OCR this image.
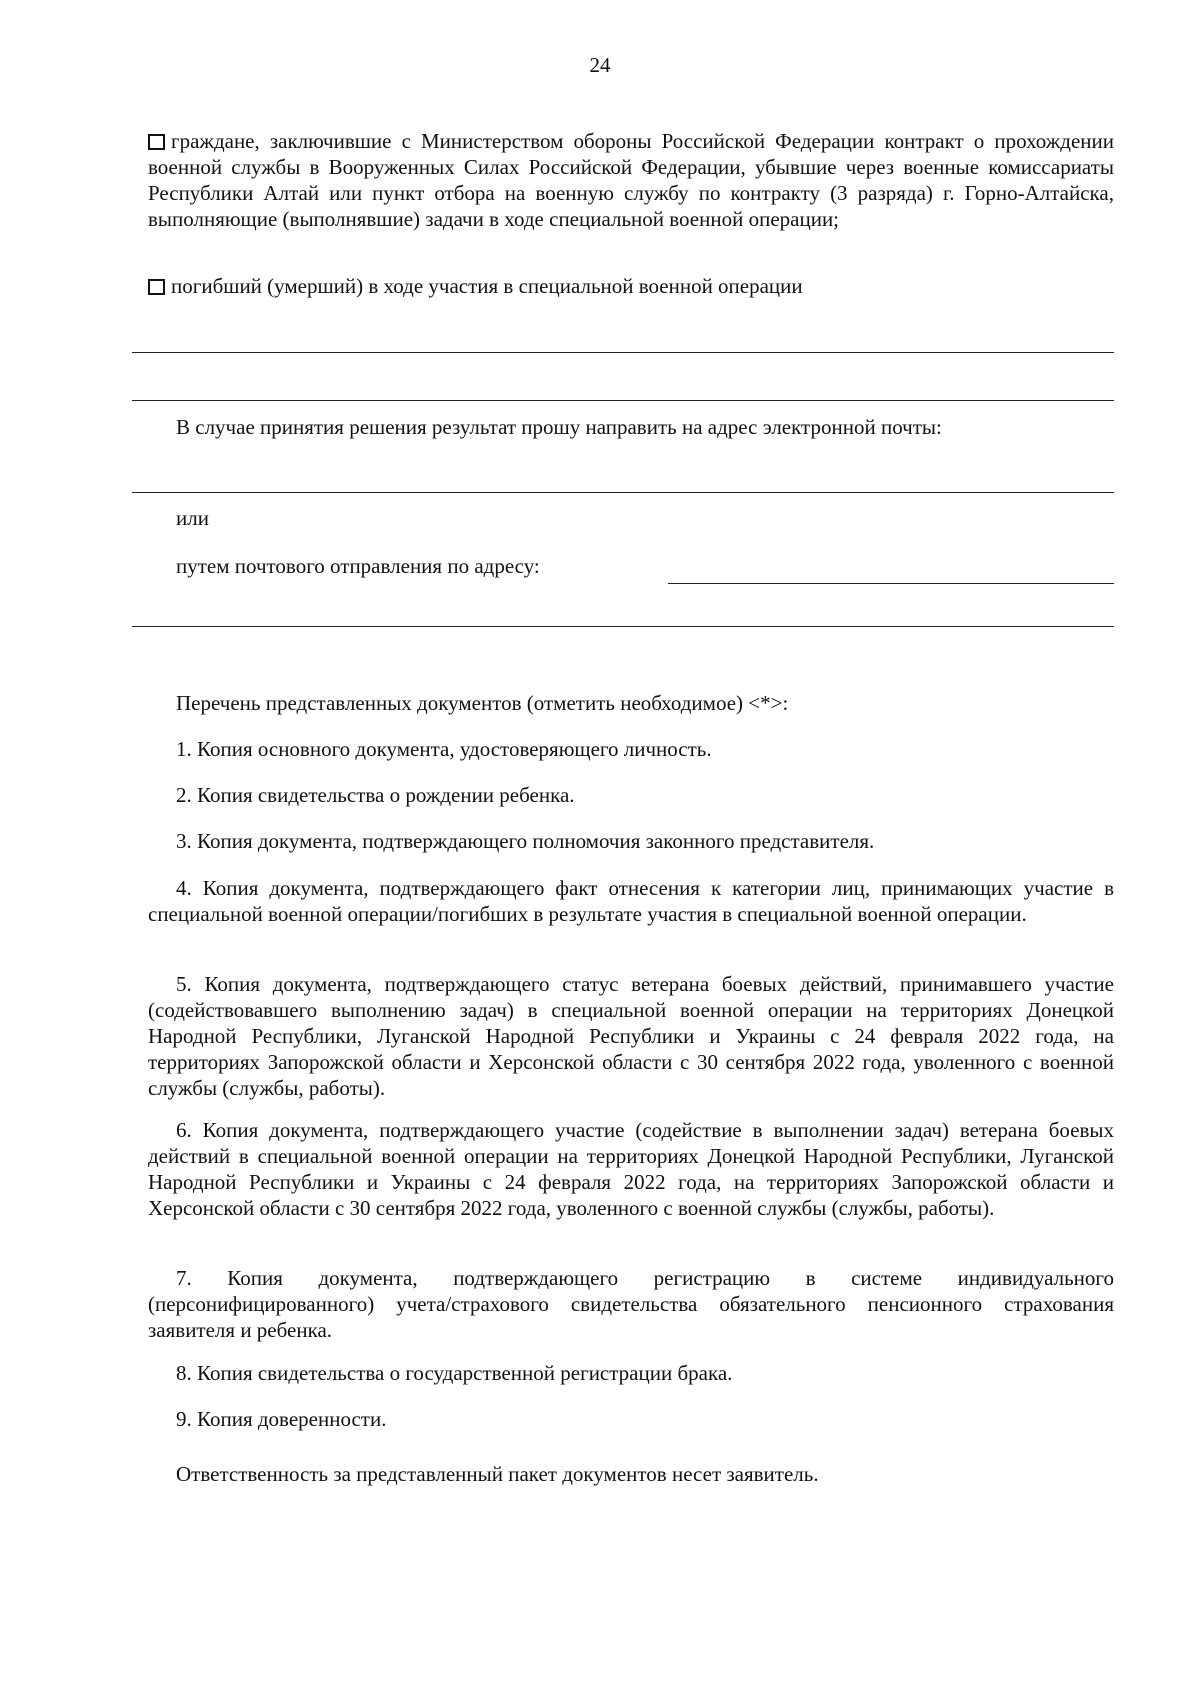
24
граждане, заключившие с Министерством обороны Российской Федерации контракт о прохождении военной службы в Вооруженных Силах Российской Федерации, убывшие через военные комиссариаты Республики Алтай или пункт отбора на военную службу по контракту (3 разряда) г. Горно-Алтайска, выполняющие (выполнявшие) задачи в ходе специальной военной операции;
погибший (умерший) в ходе участия в специальной военной операции
В случае принятия решения результат прошу направить на адрес электронной почты:
или
путем почтового отправления по адресу:
Перечень представленных документов (отметить необходимое) <*>:
1. Копия основного документа, удостоверяющего личность.
2. Копия свидетельства о рождении ребенка.
3. Копия документа, подтверждающего полномочия законного представителя.
4. Копия документа, подтверждающего факт отнесения к категории лиц, принимающих участие в специальной военной операции/погибших в результате участия в специальной военной операции.
5. Копия документа, подтверждающего статус ветерана боевых действий, принимавшего участие (содействовавшего выполнению задач) в специальной военной операции на территориях Донецкой Народной Республики, Луганской Народной Республики и Украины с 24 февраля 2022 года, на территориях Запорожской области и Херсонской области с 30 сентября 2022 года, уволенного с военной службы (службы, работы).
6. Копия документа, подтверждающего участие (содействие в выполнении задач) ветерана боевых действий в специальной военной операции на территориях Донецкой Народной Республики, Луганской Народной Республики и Украины с 24 февраля 2022 года, на территориях Запорожской области и Херсонской области с 30 сентября 2022 года, уволенного с военной службы (службы, работы).
7. Копия документа, подтверждающего регистрацию в системе индивидуального (персонифицированного) учета/страхового свидетельства обязательного пенсионного страхования заявителя и ребенка.
8. Копия свидетельства о государственной регистрации брака.
9. Копия доверенности.
Ответственность за представленный пакет документов несет заявитель.
